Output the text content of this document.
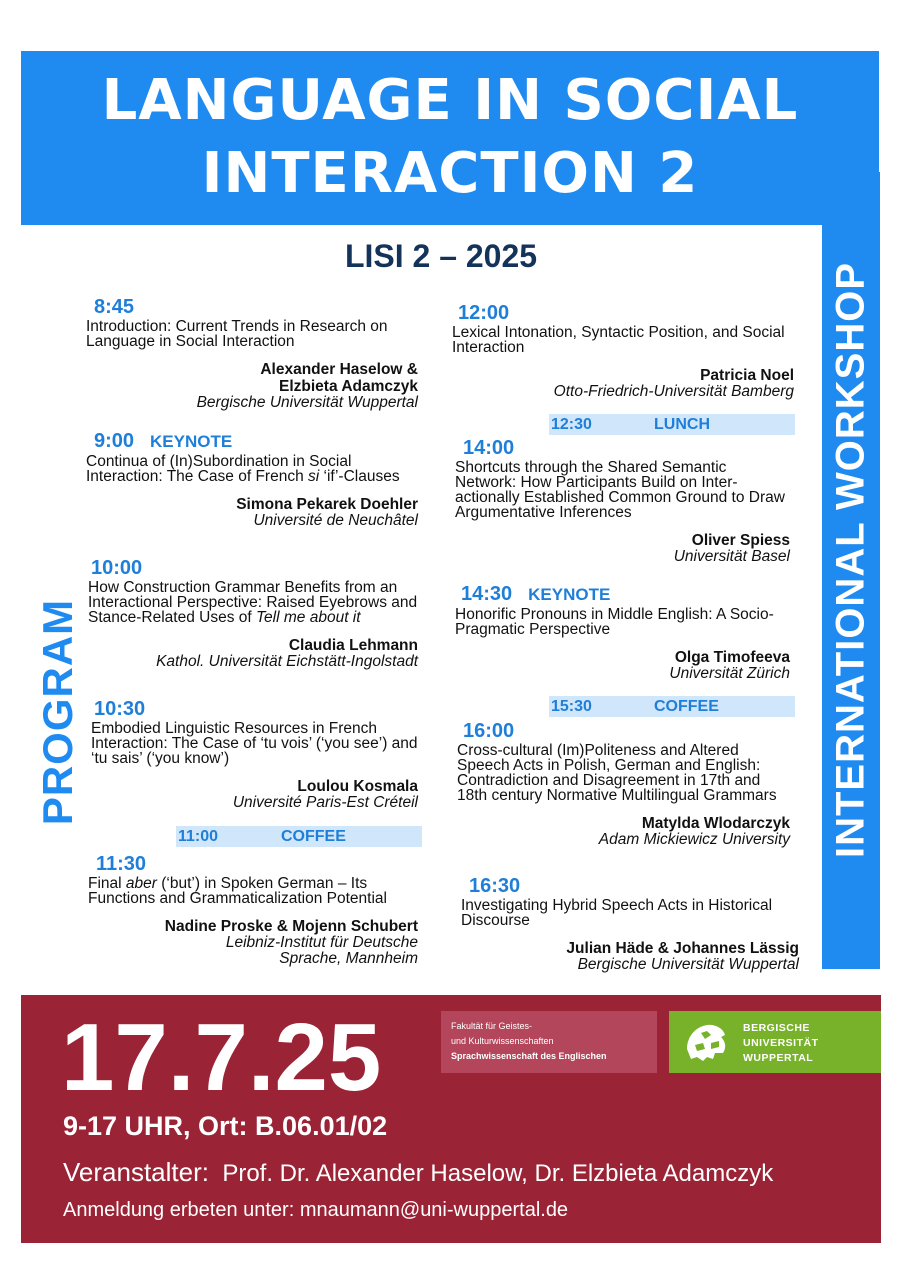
LANGUAGE IN SOCIAL
INTERACTION 2
LISI 2 – 2025
INTERNATIONAL WORKSHOP
PROGRAM
8:45
Introduction: Current Trends in Research on Language in Social Interaction
Alexander Haselow & Elzbieta Adamczyk
Bergische Universität Wuppertal
9:00 KEYNOTE
Continua of (In)Subordination in Social Interaction: The Case of French si ‘if’-Clauses
Simona Pekarek Doehler
Université de Neuchâtel
10:00
How Construction Grammar Benefits from an Interactional Perspective: Raised Eyebrows and Stance-Related Uses of Tell me about it
Claudia Lehmann
Kathol. Universität Eichstätt-Ingolstadt
10:30
Embodied Linguistic Resources in French Interaction: The Case of ‘tu vois’ (‘you see’) and ‘tu sais’ (‘you know’)
Loulou Kosmala
Université Paris-Est Créteil
11:00	COFFEE
11:30
Final aber (‘but’) in Spoken German – Its Functions and Grammaticalization Potential
Nadine Proske & Mojenn Schubert
Leibniz-Institut für Deutsche Sprache, Mannheim
12:00
Lexical Intonation, Syntactic Position, and Social Interaction
Patricia Noel
Otto-Friedrich-Universität Bamberg
12:30	LUNCH
14:00
Shortcuts through the Shared Semantic Network: How Participants Build on Inter-actionally Established Common Ground to Draw Argumentative Inferences
Oliver Spiess
Universität Basel
14:30 KEYNOTE
Honorific Pronouns in Middle English: A Socio-Pragmatic Perspective
Olga Timofeeva
Universität Zürich
15:30	COFFEE
16:00
Cross-cultural (Im)Politeness and Altered Speech Acts in Polish, German and English: Contradiction and Disagreement in 17th and 18th century Normative Multilingual Grammars
Matylda Wlodarczyk
Adam Mickiewicz University
16:30
Investigating Hybrid Speech Acts in Historical Discourse
Julian Häde & Johannes Lässig
Bergische Universität Wuppertal
17.7.25
9-17 UHR, Ort: B.06.01/02
Veranstalter: Prof. Dr. Alexander Haselow, Dr. Elzbieta Adamczyk
Anmeldung erbeten unter: mnaumann@uni-wuppertal.de
Fakultät für Geistes-
und Kulturwissenschaften
Sprachwissenschaft des Englischen
BERGISCHE
UNIVERSITÄT
WUPPERTAL
